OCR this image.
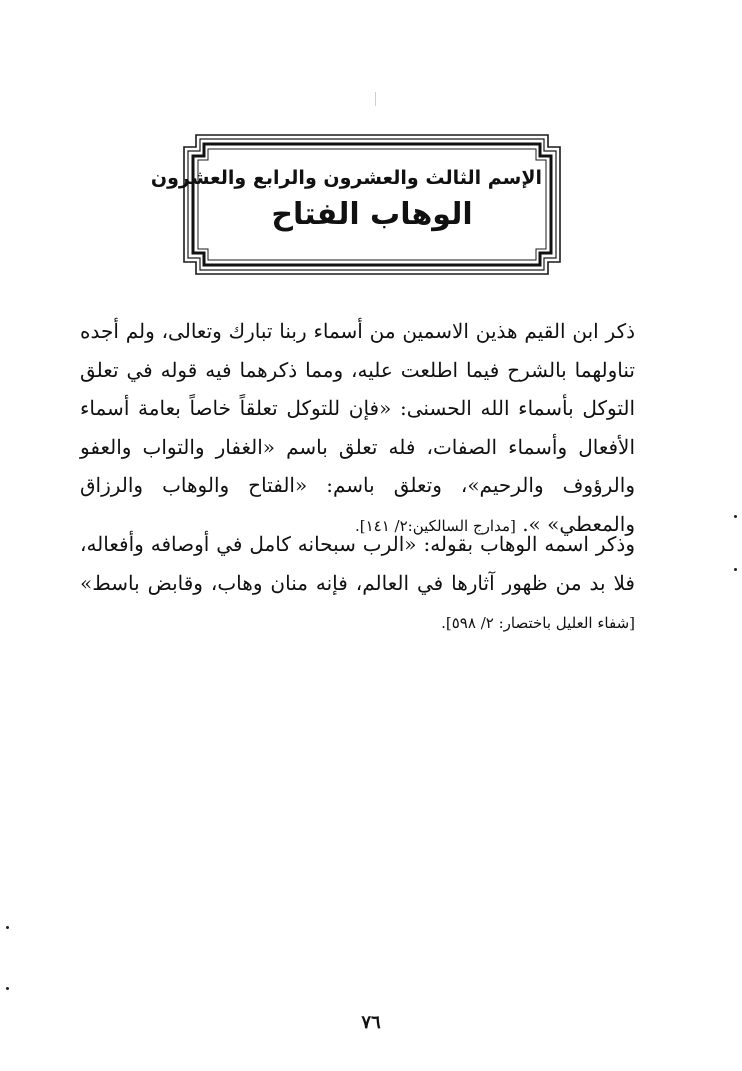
الإسم الثالث والعشرون والرابع والعشرون
الوهاب الفتاح
ذكر ابن القيم هذين الاسمين من أسماء ربنا تبارك وتعالى، ولم أجده تناولهما بالشرح فيما اطلعت عليه، ومما ذكرهما فيه قوله في تعلق التوكل بأسماء الله الحسنى: «فإن للتوكل تعلقاً خاصاً بعامة أسماء الأفعال وأسماء الصفات، فله تعلق باسم «الغفار والتواب والعفو والرؤوف والرحيم»، وتعلق باسم: «الفتاح والوهاب والرزاق والمعطي» ». [مدارج السالكين:٢/ ١٤١].
وذكر اسمه الوهاب بقوله: «الرب سبحانه كامل في أوصافه وأفعاله، فلا بد من ظهور آثارها في العالم، فإنه منان وهاب، وقابض باسط» [شفاء العليل باختصار: ٢/ ٥٩٨].
٧٦
